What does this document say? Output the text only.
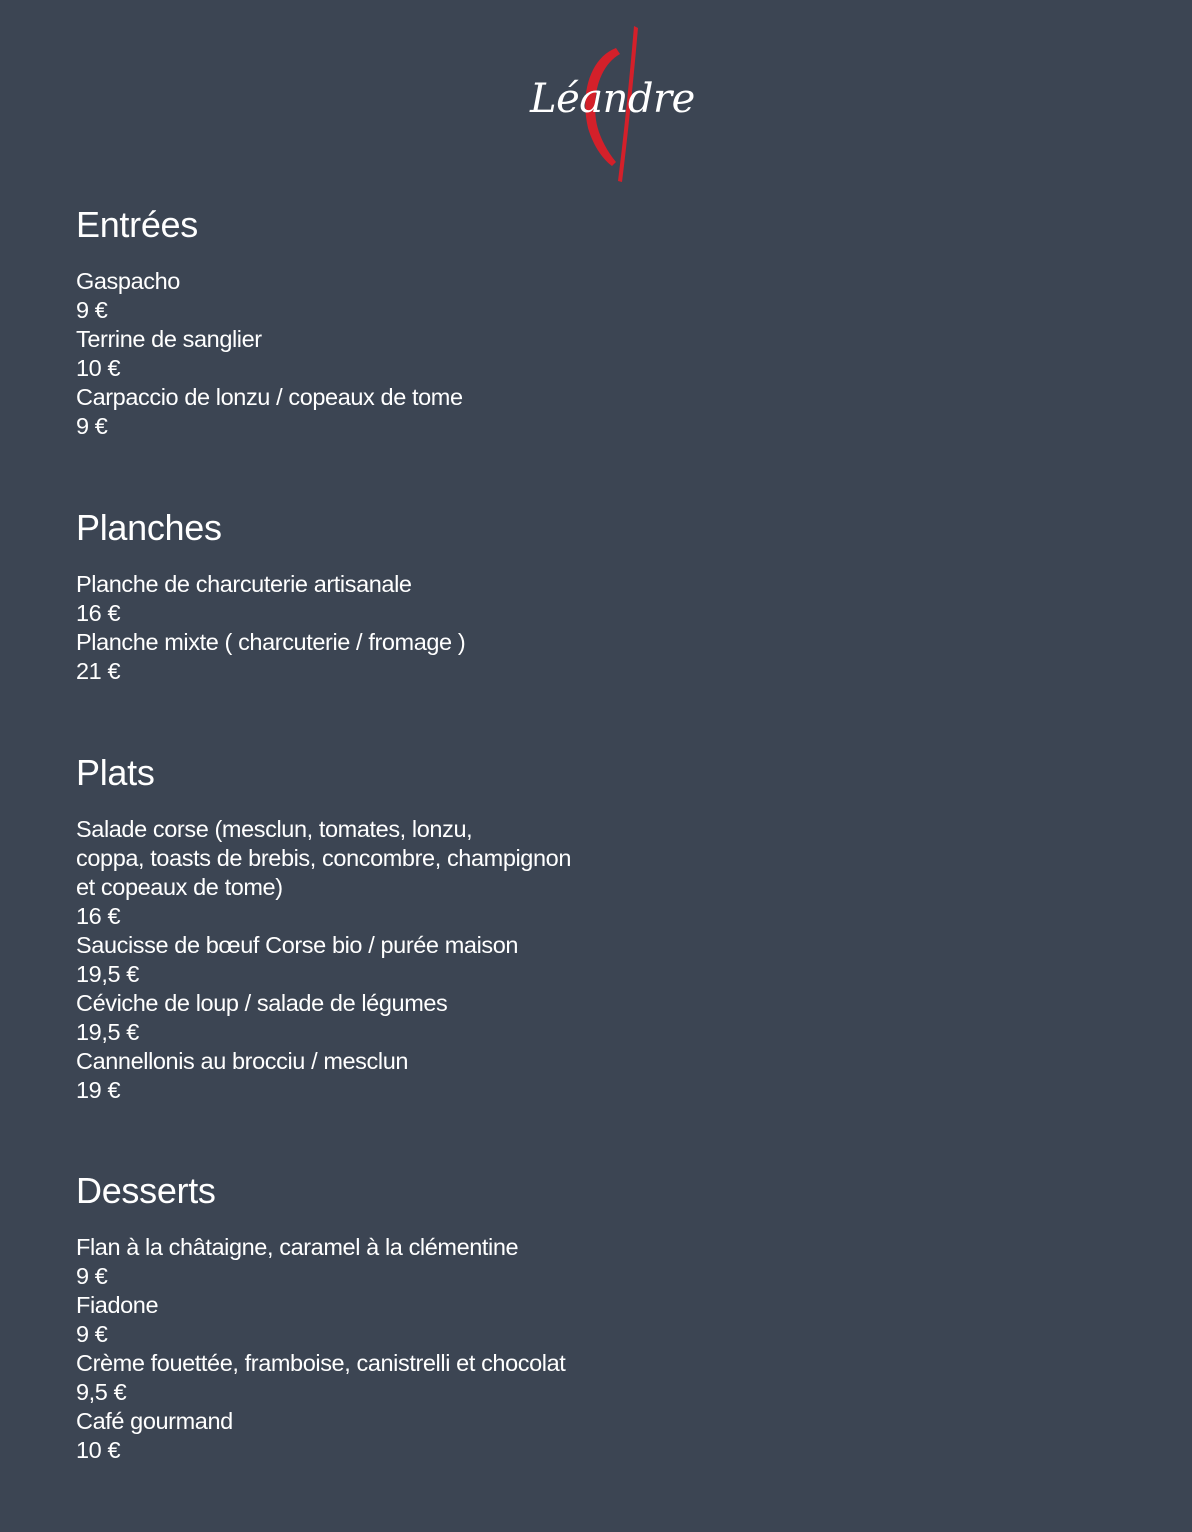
Léandre
Entrées
Gaspacho
9 €
Terrine de sanglier
10 €
Carpaccio de lonzu / copeaux de tome
9 €
Planches
Planche de charcuterie artisanale
16 €
Planche mixte ( charcuterie / fromage )
21 €
Plats
Salade corse (mesclun, tomates, lonzu,
coppa, toasts de brebis, concombre, champignon
et copeaux de tome)
16 €
Saucisse de bœuf Corse bio / purée maison
19,5 €
Céviche de loup / salade de légumes
19,5 €
Cannellonis au brocciu / mesclun
19 €
Desserts
Flan à la châtaigne, caramel à la clémentine
9 €
Fiadone
9 €
Crème fouettée, framboise, canistrelli et chocolat
9,5 €
Café gourmand
10 €
